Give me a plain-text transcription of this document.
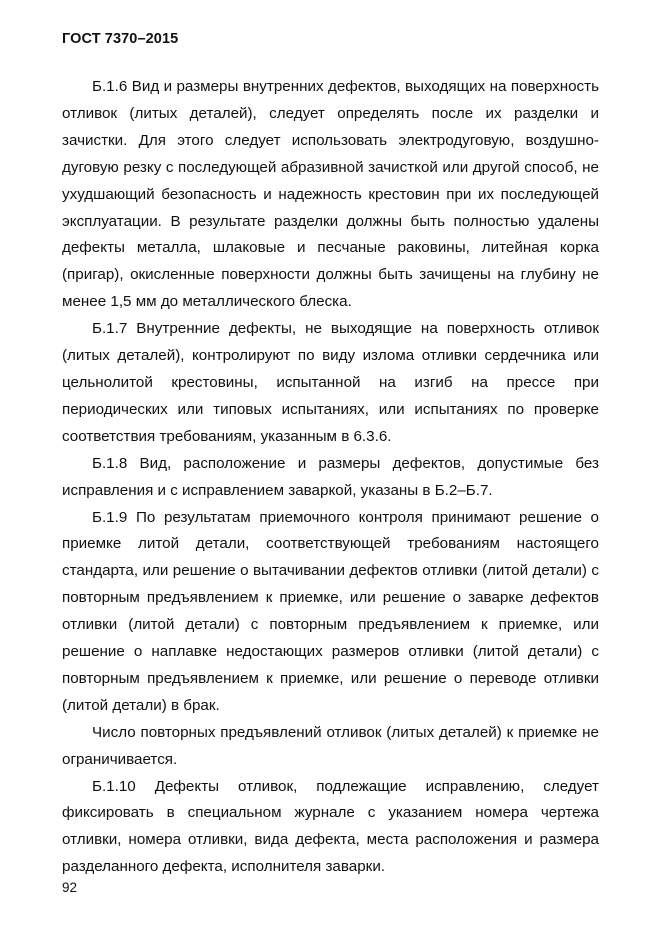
ГОСТ 7370–2015

Б.1.6 Вид и размеры внутренних дефектов, выходящих на поверхность отливок (литых деталей), следует определять после их разделки и зачистки. Для этого следует использовать электродуговую, воздушно-дуговую резку с последующей абразивной зачисткой или другой способ, не ухудшающий безопасность и надежность крестовин при их последующей эксплуатации. В результате разделки должны быть полностью удалены дефекты металла, шлаковые и песчаные раковины, литейная корка (пригар), окисленные поверхности должны быть зачищены на глубину не менее 1,5 мм до металлического блеска.

Б.1.7 Внутренние дефекты, не выходящие на поверхность отливок (литых деталей), контролируют по виду излома отливки сердечника или цельнолитой крестовины, испытанной на изгиб на прессе при периодических или типовых испытаниях, или испытаниях по проверке соответствия требованиям, указанным в 6.3.6.

Б.1.8 Вид, расположение и размеры дефектов, допустимые без исправления и с исправлением заваркой, указаны в Б.2–Б.7.

Б.1.9 По результатам приемочного контроля принимают решение о приемке литой детали, соответствующей требованиям настоящего стандарта, или решение о вытачивании дефектов отливки (литой детали) с повторным предъявлением к приемке, или решение о заварке дефектов отливки (литой детали) с повторным предъявлением к приемке, или решение о наплавке недостающих размеров отливки (литой детали) с повторным предъявлением к приемке, или решение о переводе отливки (литой детали) в брак.

Число повторных предъявлений отливок (литых деталей) к приемке не ограничивается.

Б.1.10 Дефекты отливок, подлежащие исправлению, следует фиксировать в специальном журнале с указанием номера чертежа отливки, номера отливки, вида дефекта, места расположения и размера разделанного дефекта, исполнителя заварки.

92
